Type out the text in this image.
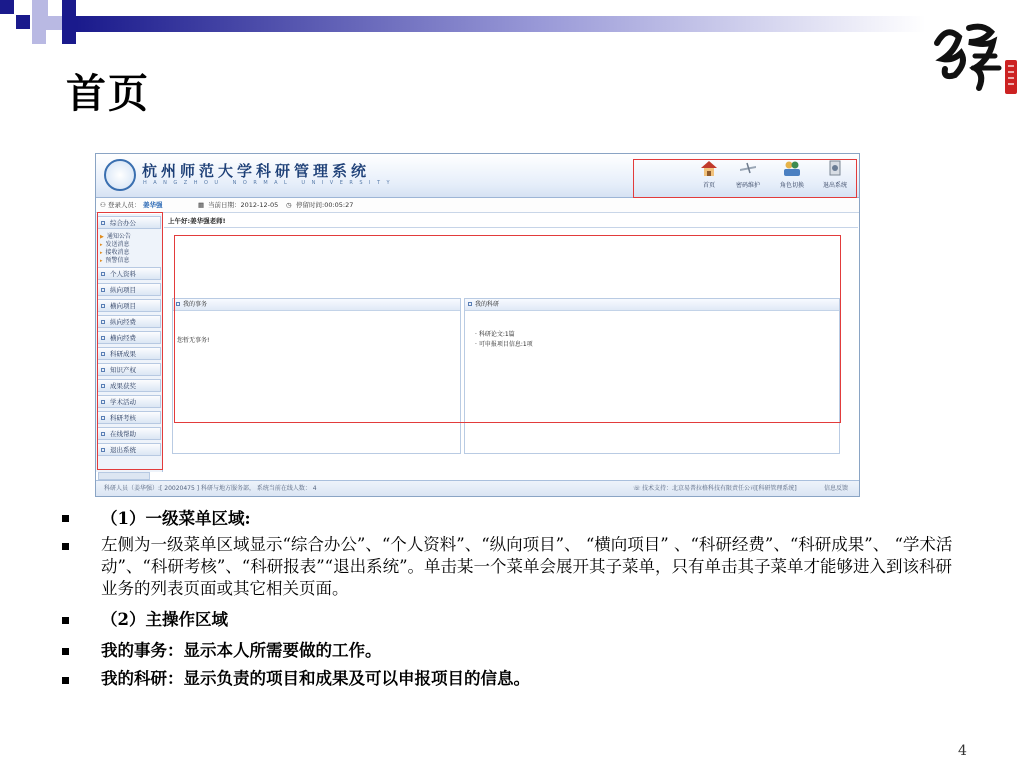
首页
杭州师范大学科研管理系统
HANGZHOU NORMAL UNIVERSITY	首页	密码维护	角色切换	退出系统
⚇ 登录人员： 姜华强	▦ 当前日期：2012-12-05 ◷ 停留时间:00:05:27
综合办公
▶ 通知公告
▸ 发送消息
▸ 接收消息
▸ 预警信息
个人资料
纵向项目
横向项目
纵向经费
横向经费
科研成果
知识产权
成果获奖
学术活动
科研考核
在线帮助
退出系统
上午好:姜华强老师!
我的事务
您暂无事务!
我的科研
· 科研论文:1篇
· 可申报项目信息:1项
科研人员（姜华强）:[ 20020475 ] 科研与地方服务部， 系统当前在线人数： 4	☏ 技术支持：北京易普拉格科技有限责任公司[科研管理系统]	信息反馈
（1）一级菜单区域:
左侧为一级菜单区域显示“综合办公”、“个人资料”、“纵向项目”、 “横向项目” 、“科研经费”、“科研成果”、 “学术活动”、“科研考核”、“科研报表”“退出系统”。单击某一个菜单会展开其子菜单，只有单击其子菜单才能够进入到该科研业务的列表页面或其它相关页面。
（2）主操作区域
我的事务：显示本人所需要做的工作。
我的科研：显示负责的项目和成果及可以申报项目的信息。
4
